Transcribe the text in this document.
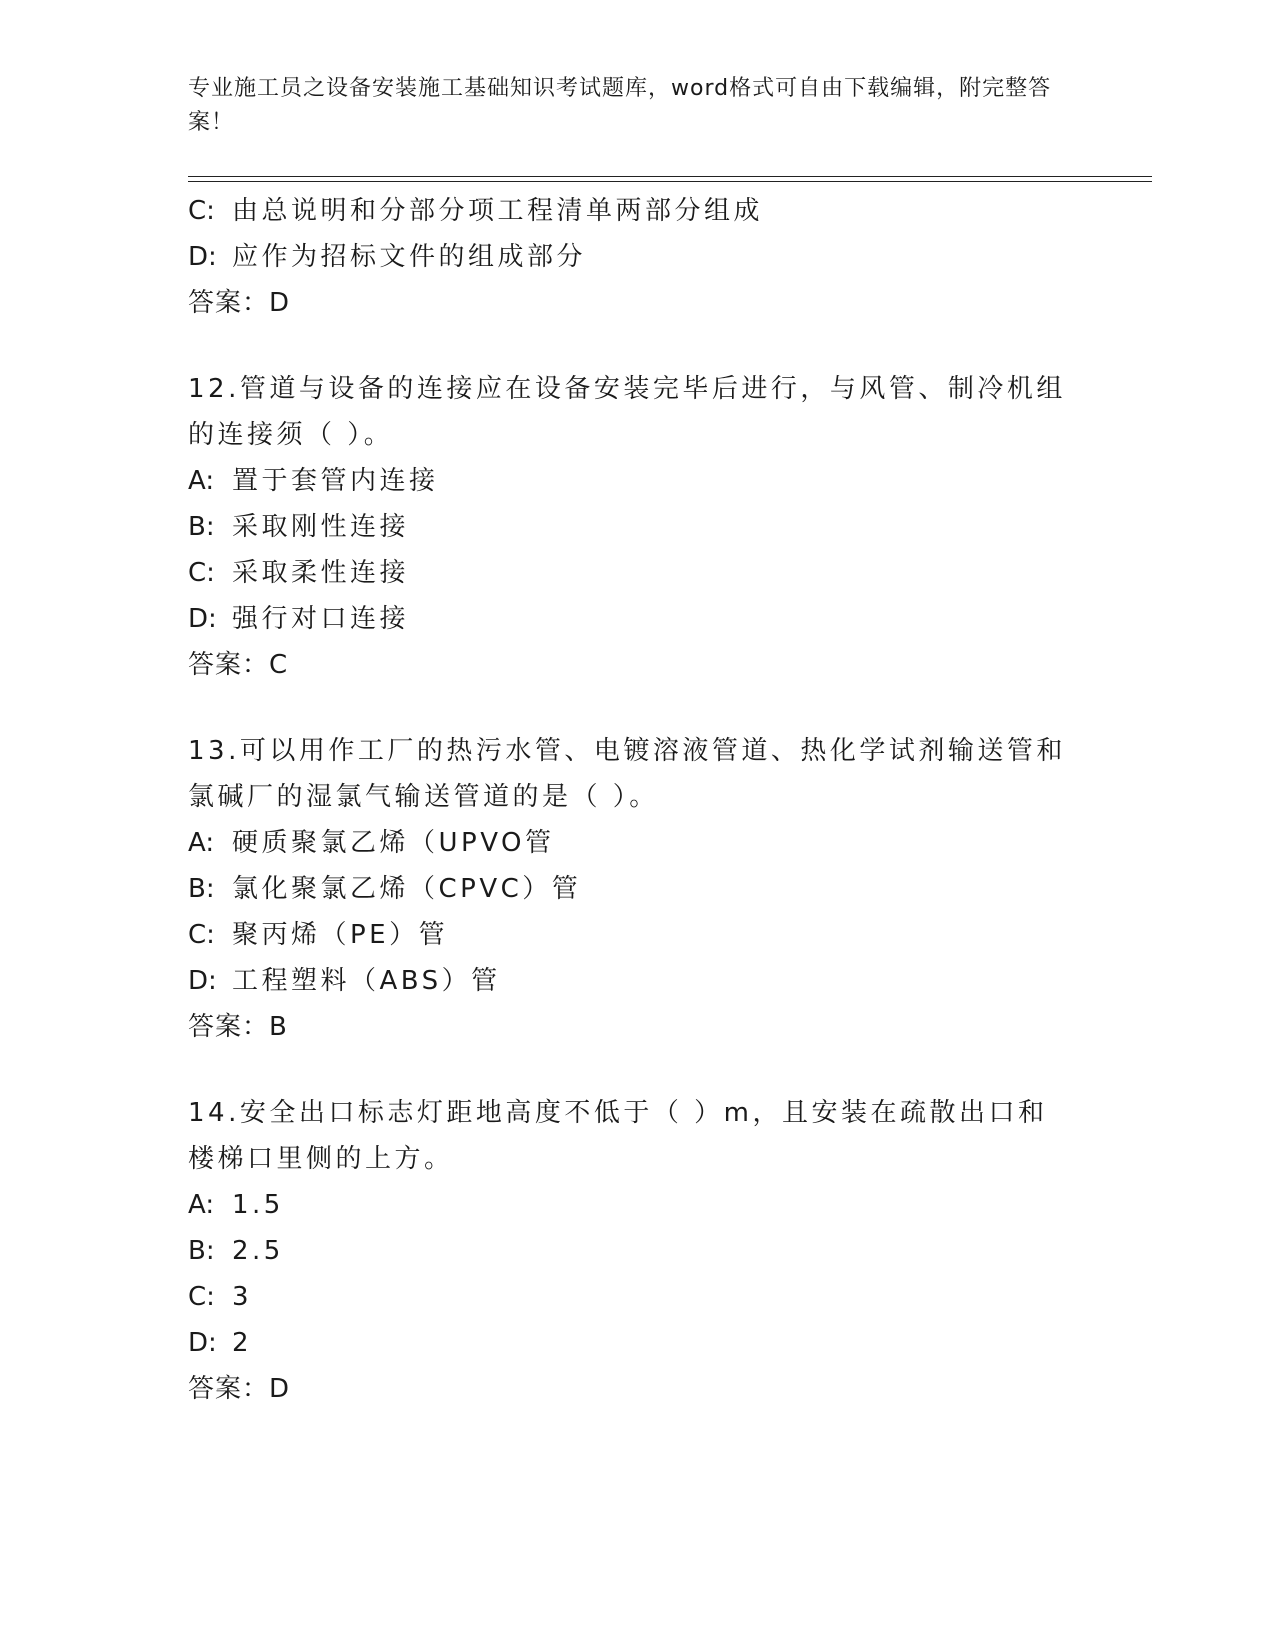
专业施工员之设备安装施工基础知识考试题库，word格式可自由下载编辑，附完整答案！
C: 由总说明和分部分项工程清单两部分组成
D: 应作为招标文件的组成部分
答案：D
12.管道与设备的连接应在设备安装完毕后进行，与风管、制冷机组的连接须（ ）。
A: 置于套管内连接
B: 采取刚性连接
C: 采取柔性连接
D: 强行对口连接
答案：C
13.可以用作工厂的热污水管、电镀溶液管道、热化学试剂输送管和氯碱厂的湿氯气输送管道的是（ ）。
A: 硬质聚氯乙烯（UPVO管
B: 氯化聚氯乙烯（CPVC）管
C: 聚丙烯（PE）管
D: 工程塑料（ABS）管
答案：B
14.安全出口标志灯距地高度不低于（ ）m，且安装在疏散出口和楼梯口里侧的上方。
A: 1.5
B: 2.5
C: 3
D: 2
答案：D
